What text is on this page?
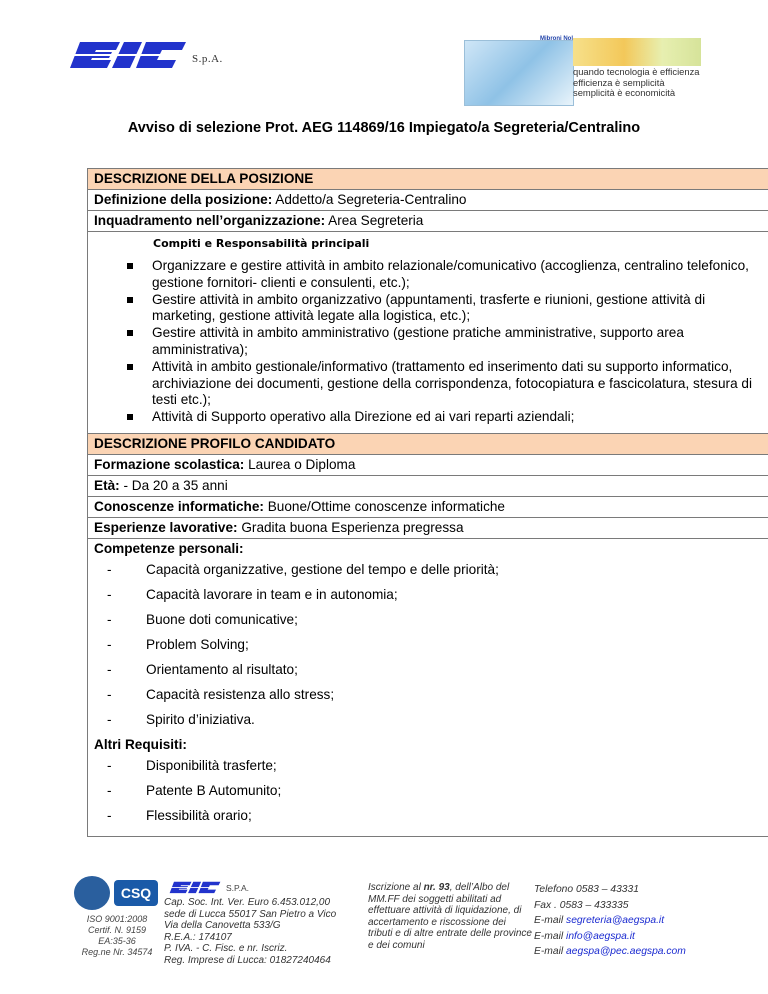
S.p.A.
Mibroni Nol
quando tecnologia è efficienza
efficienza è semplicità
semplicità è economicità
Avviso di selezione Prot. AEG 114869/16 Impiegato/a Segreteria/Centralino
DESCRIZIONE DELLA POSIZIONE
Definizione della posizione: Addetto/a Segreteria-Centralino
Inquadramento nell’organizzazione: Area Segreteria

Compiti e Responsabilità principali
Organizzare e gestire attività in ambito relazionale/comunicativo (accoglienza, centralino telefonico, gestione fornitori- clienti e consulenti, etc.);
Gestire attività in ambito organizzativo (appuntamenti, trasferte e riunioni, gestione attività di marketing, gestione attività legate alla logistica, etc.);
Gestire attività in ambito amministrativo (gestione pratiche amministrative, supporto area amministrativa);
Attività in ambito gestionale/informativo (trattamento ed inserimento dati su supporto informatico, archiviazione dei documenti, gestione della corrispondenza, fotocopiatura e fascicolatura, stesura di testi etc.);
Attività di Supporto operativo alla Direzione ed ai vari reparti aziendali;

DESCRIZIONE PROFILO CANDIDATO
Formazione scolastica: Laurea o Diploma
Età: - Da 20 a 35 anni
Conoscenze informatiche: Buone/Ottime conoscenze informatiche
Esperienze lavorative: Gradita buona Esperienza pregressa

Competenze personali:
-	Capacità organizzative, gestione del tempo e delle priorità;
-	Capacità lavorare in team e in autonomia;
-	Buone doti comunicative;
-	Problem Solving;
-	Orientamento al risultato;
-	Capacità resistenza allo stress;
-	Spirito d’iniziativa.
Altri Requisiti:
-	Disponibilità trasferte;
-	Patente B Automunito;
-	Flessibilità orario;
CSQ
ISO 9001:2008
Certif. N. 9159
EA:35-36
Reg.ne Nr. 34574
S.P.A.
Cap. Soc. Int. Ver. Euro 6.453.012,00
sede di Lucca 55017 San Pietro a Vico
Via della Canovetta 533/G
R.E.A.: 174107
P. IVA. - C. Fisc. e nr. Iscriz.
Reg. Imprese di Lucca: 01827240464
Iscrizione al nr. 93, dell’Albo del MM.FF dei soggetti abilitati ad effettuare attività di liquidazione, di accertamento e riscossione dei tributi e di altre entrate delle province e dei comuni
Telefono 0583 – 43331
Fax . 0583 – 433335
E-mail segreteria@aegspa.it
E-mail info@aegspa.it
E-mail aegspa@pec.aegspa.com
